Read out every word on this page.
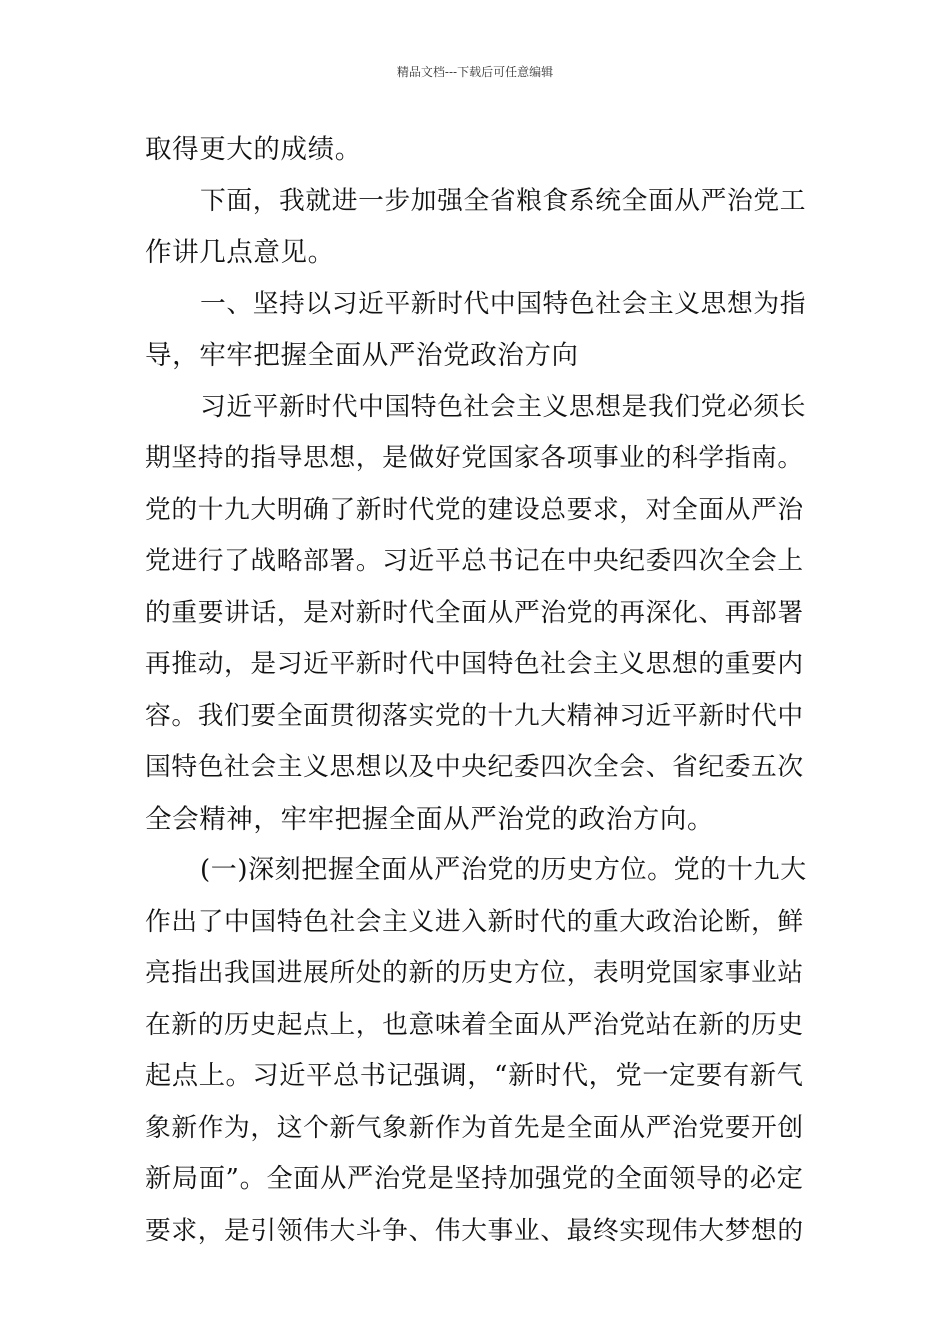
精品文档---下载后可任意编辑
取得更大的成绩。
下面，我就进一步加强全省粮食系统全面从严治党工
作讲几点意见。
一、坚持以习近平新时代中国特色社会主义思想为指
导，牢牢把握全面从严治党政治方向
习近平新时代中国特色社会主义思想是我们党必须长
期坚持的指导思想，是做好党国家各项事业的科学指南。
党的十九大明确了新时代党的建设总要求，对全面从严治
党进行了战略部署。习近平总书记在中央纪委四次全会上
的重要讲话，是对新时代全面从严治党的再深化、再部署
再推动，是习近平新时代中国特色社会主义思想的重要内
容。我们要全面贯彻落实党的十九大精神习近平新时代中
国特色社会主义思想以及中央纪委四次全会、省纪委五次
全会精神，牢牢把握全面从严治党的政治方向。
(一)深刻把握全面从严治党的历史方位。党的十九大
作出了中国特色社会主义进入新时代的重大政治论断，鲜
亮指出我国进展所处的新的历史方位，表明党国家事业站
在新的历史起点上，也意味着全面从严治党站在新的历史
起点上。习近平总书记强调，“新时代，党一定要有新气
象新作为，这个新气象新作为首先是全面从严治党要开创
新局面”。全面从严治党是坚持加强党的全面领导的必定
要求，是引领伟大斗争、伟大事业、最终实现伟大梦想的
